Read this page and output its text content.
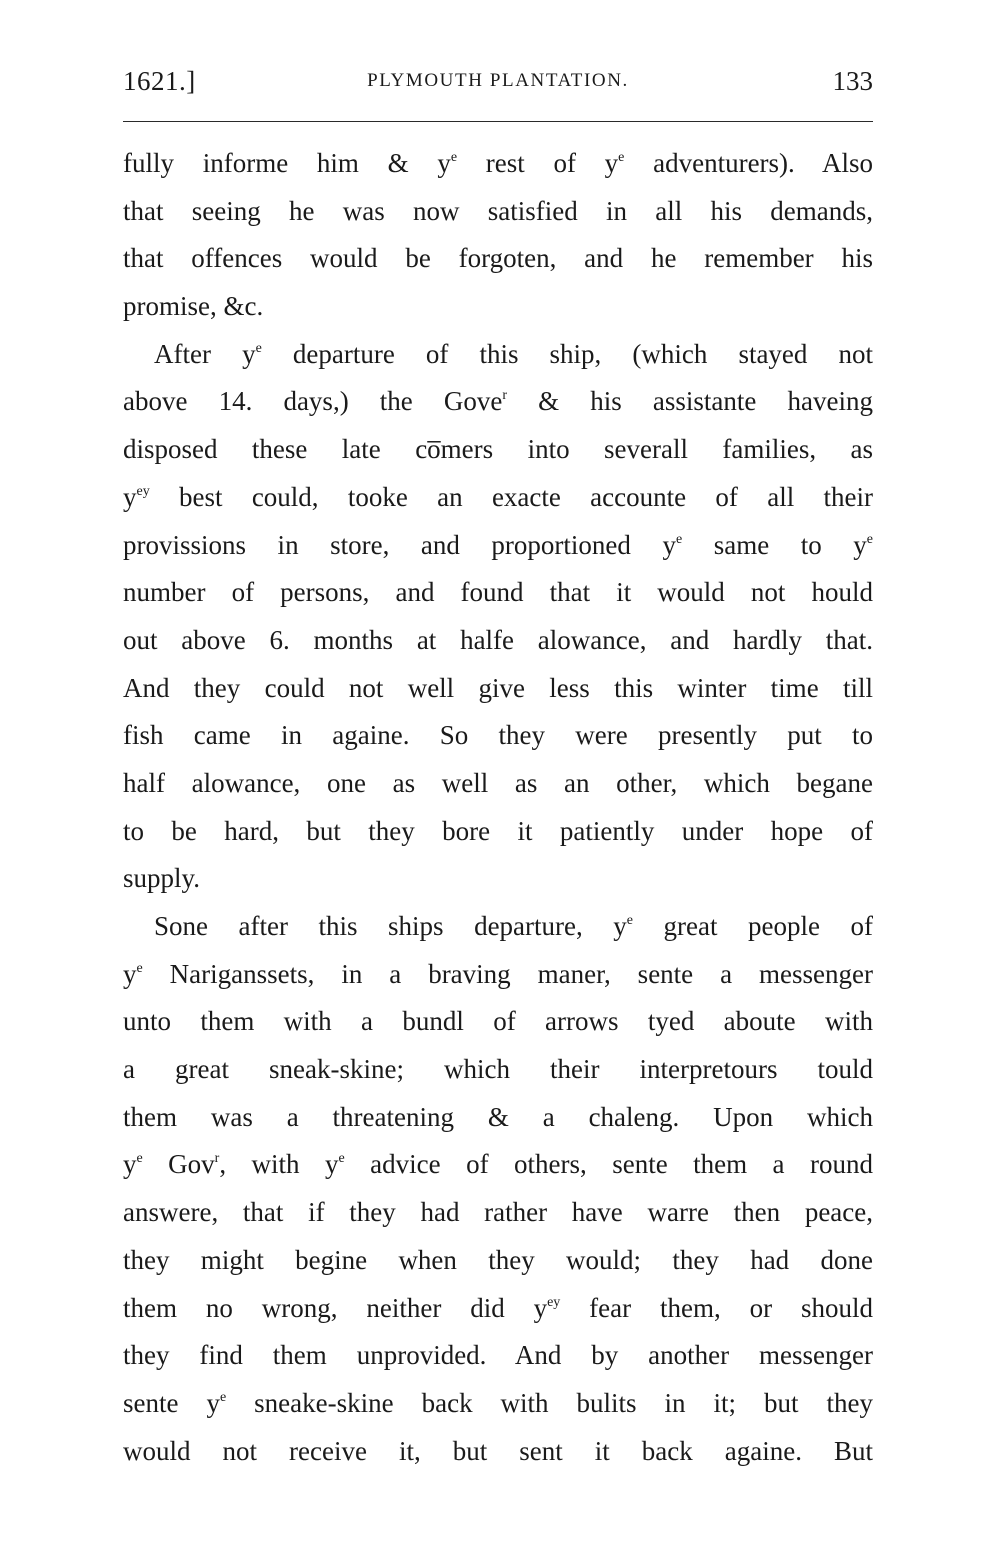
1621.]	PLYMOUTH PLANTATION.	133
fully informe him & $y^e$ rest of $y^e$ adventurers). Also
that seeing he was now satisfied in all his demands,
that offences would be forgoten, and he remember his
promise, &c.
After $y^e$ departure of this ship, (which stayed not
above 14. days,) the Gove$^r$ & his assistante haveing
disposed these late co̅mers into severall families, as
$y^{ey}$ best could, tooke an exacte accounte of all their
provissions in store, and proportioned $y^e$ same to $y^e$
number of persons, and found that it would not hould
out above 6. months at halfe alowance, and hardly that.
And they could not well give less this winter time till
fish came in againe. So they were presently put to
half alowance, one as well as an other, which begane
to be hard, but they bore it patiently under hope of
supply.
Sone after this ships departure, $y^e$ great people of
$y^e$ Nariganssets, in a braving maner, sente a messenger
unto them with a bundl of arrows tyed aboute with
a great sneak-skine; which their interpretours tould
them was a threatening & a chaleng. Upon which
$y^e$ Gov$^r$, with $y^e$ advice of others, sente them a round
answere, that if they had rather have warre then peace,
they might begine when they would; they had done
them no wrong, neither did $y^{ey}$ fear them, or should
they find them unprovided. And by another messenger
sente $y^e$ sneake-skine back with bulits in it; but they
would not receive it, but sent it back againe. But
